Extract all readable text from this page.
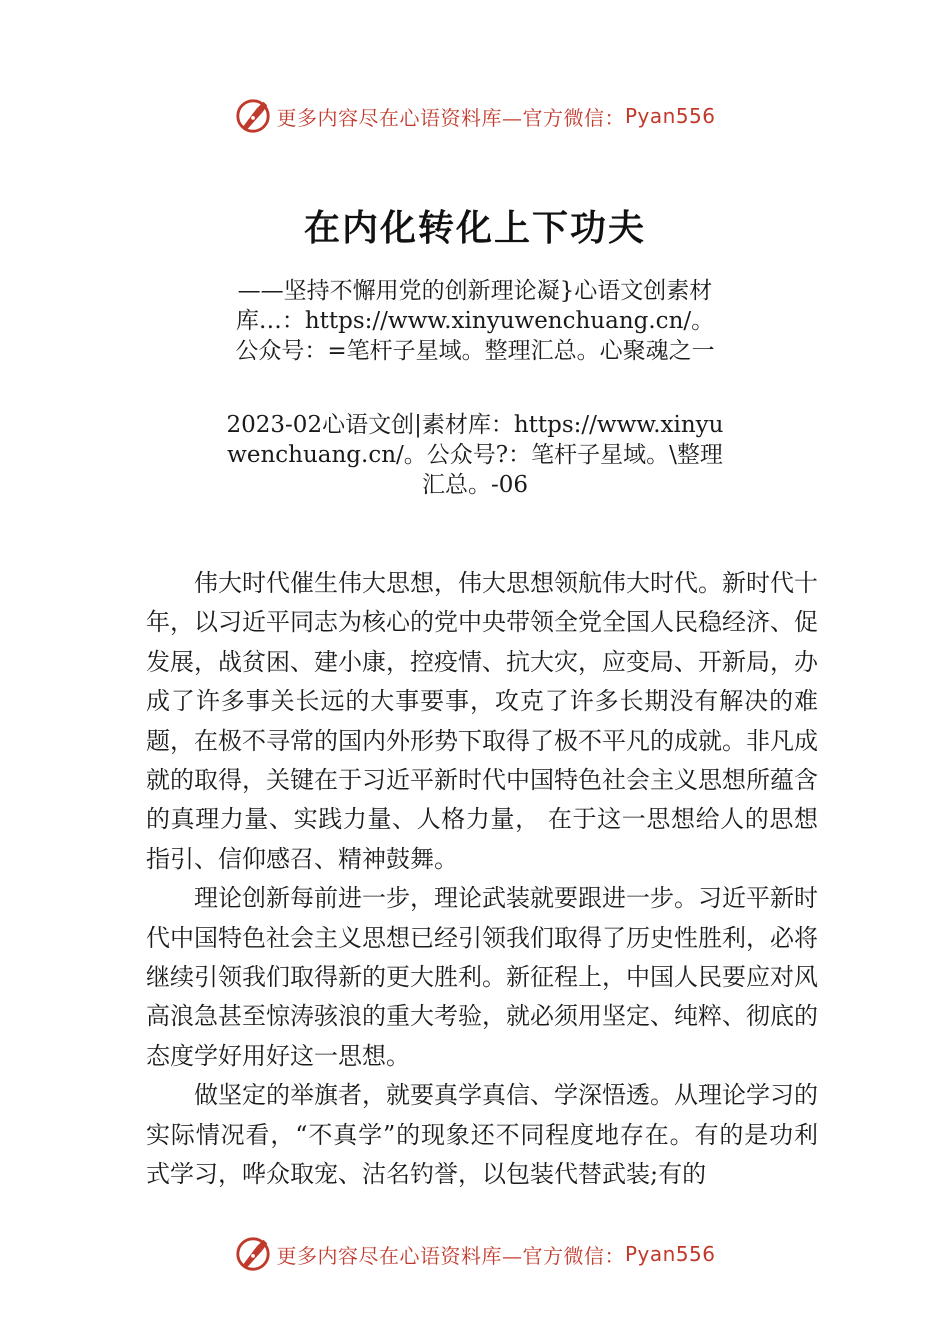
更多内容尽在心语资料库—官方微信： Pyan556
在内化转化上下功夫
——坚持不懈用党的创新理论凝}心语文创素材库…：https://www.xinyuwenchuang.cn/。公众号：=笔杆子星域。整理汇总。心聚魂之一
2023-02心语文创|素材库：https://www.xinyuwenchuang.cn/。公众号?：笔杆子星域。\整理汇总。-06

伟大时代催生伟大思想，伟大思想领航伟大时代。新时代十年，以习近平同志为核心的党中央带领全党全国人民稳经济、促发展，战贫困、建小康，控疫情、抗大灾，应变局、开新局，办成了许多事关长远的大事要事，攻克了许多长期没有解决的难题，在极不寻常的国内外形势下取得了极不平凡的成就。非凡成就的取得，关键在于习近平新时代中国特色社会主义思想所蕴含的真理力量、实践力量、人格力量， 在于这一思想给人的思想指引、信仰感召、精神鼓舞。

理论创新每前进一步，理论武装就要跟进一步。习近平新时代中国特色社会主义思想已经引领我们取得了历史性胜利，必将继续引领我们取得新的更大胜利。新征程上，中国人民要应对风高浪急甚至惊涛骇浪的重大考验，就必须用坚定、纯粹、彻底的态度学好用好这一思想。

做坚定的举旗者，就要真学真信、学深悟透。从理论学习的实际情况看，“不真学”的现象还不同程度地存在。有的是功利式学习，哗众取宠、沽名钓誉，以包装代替武装;有的

更多内容尽在心语资料库—官方微信： Pyan556
